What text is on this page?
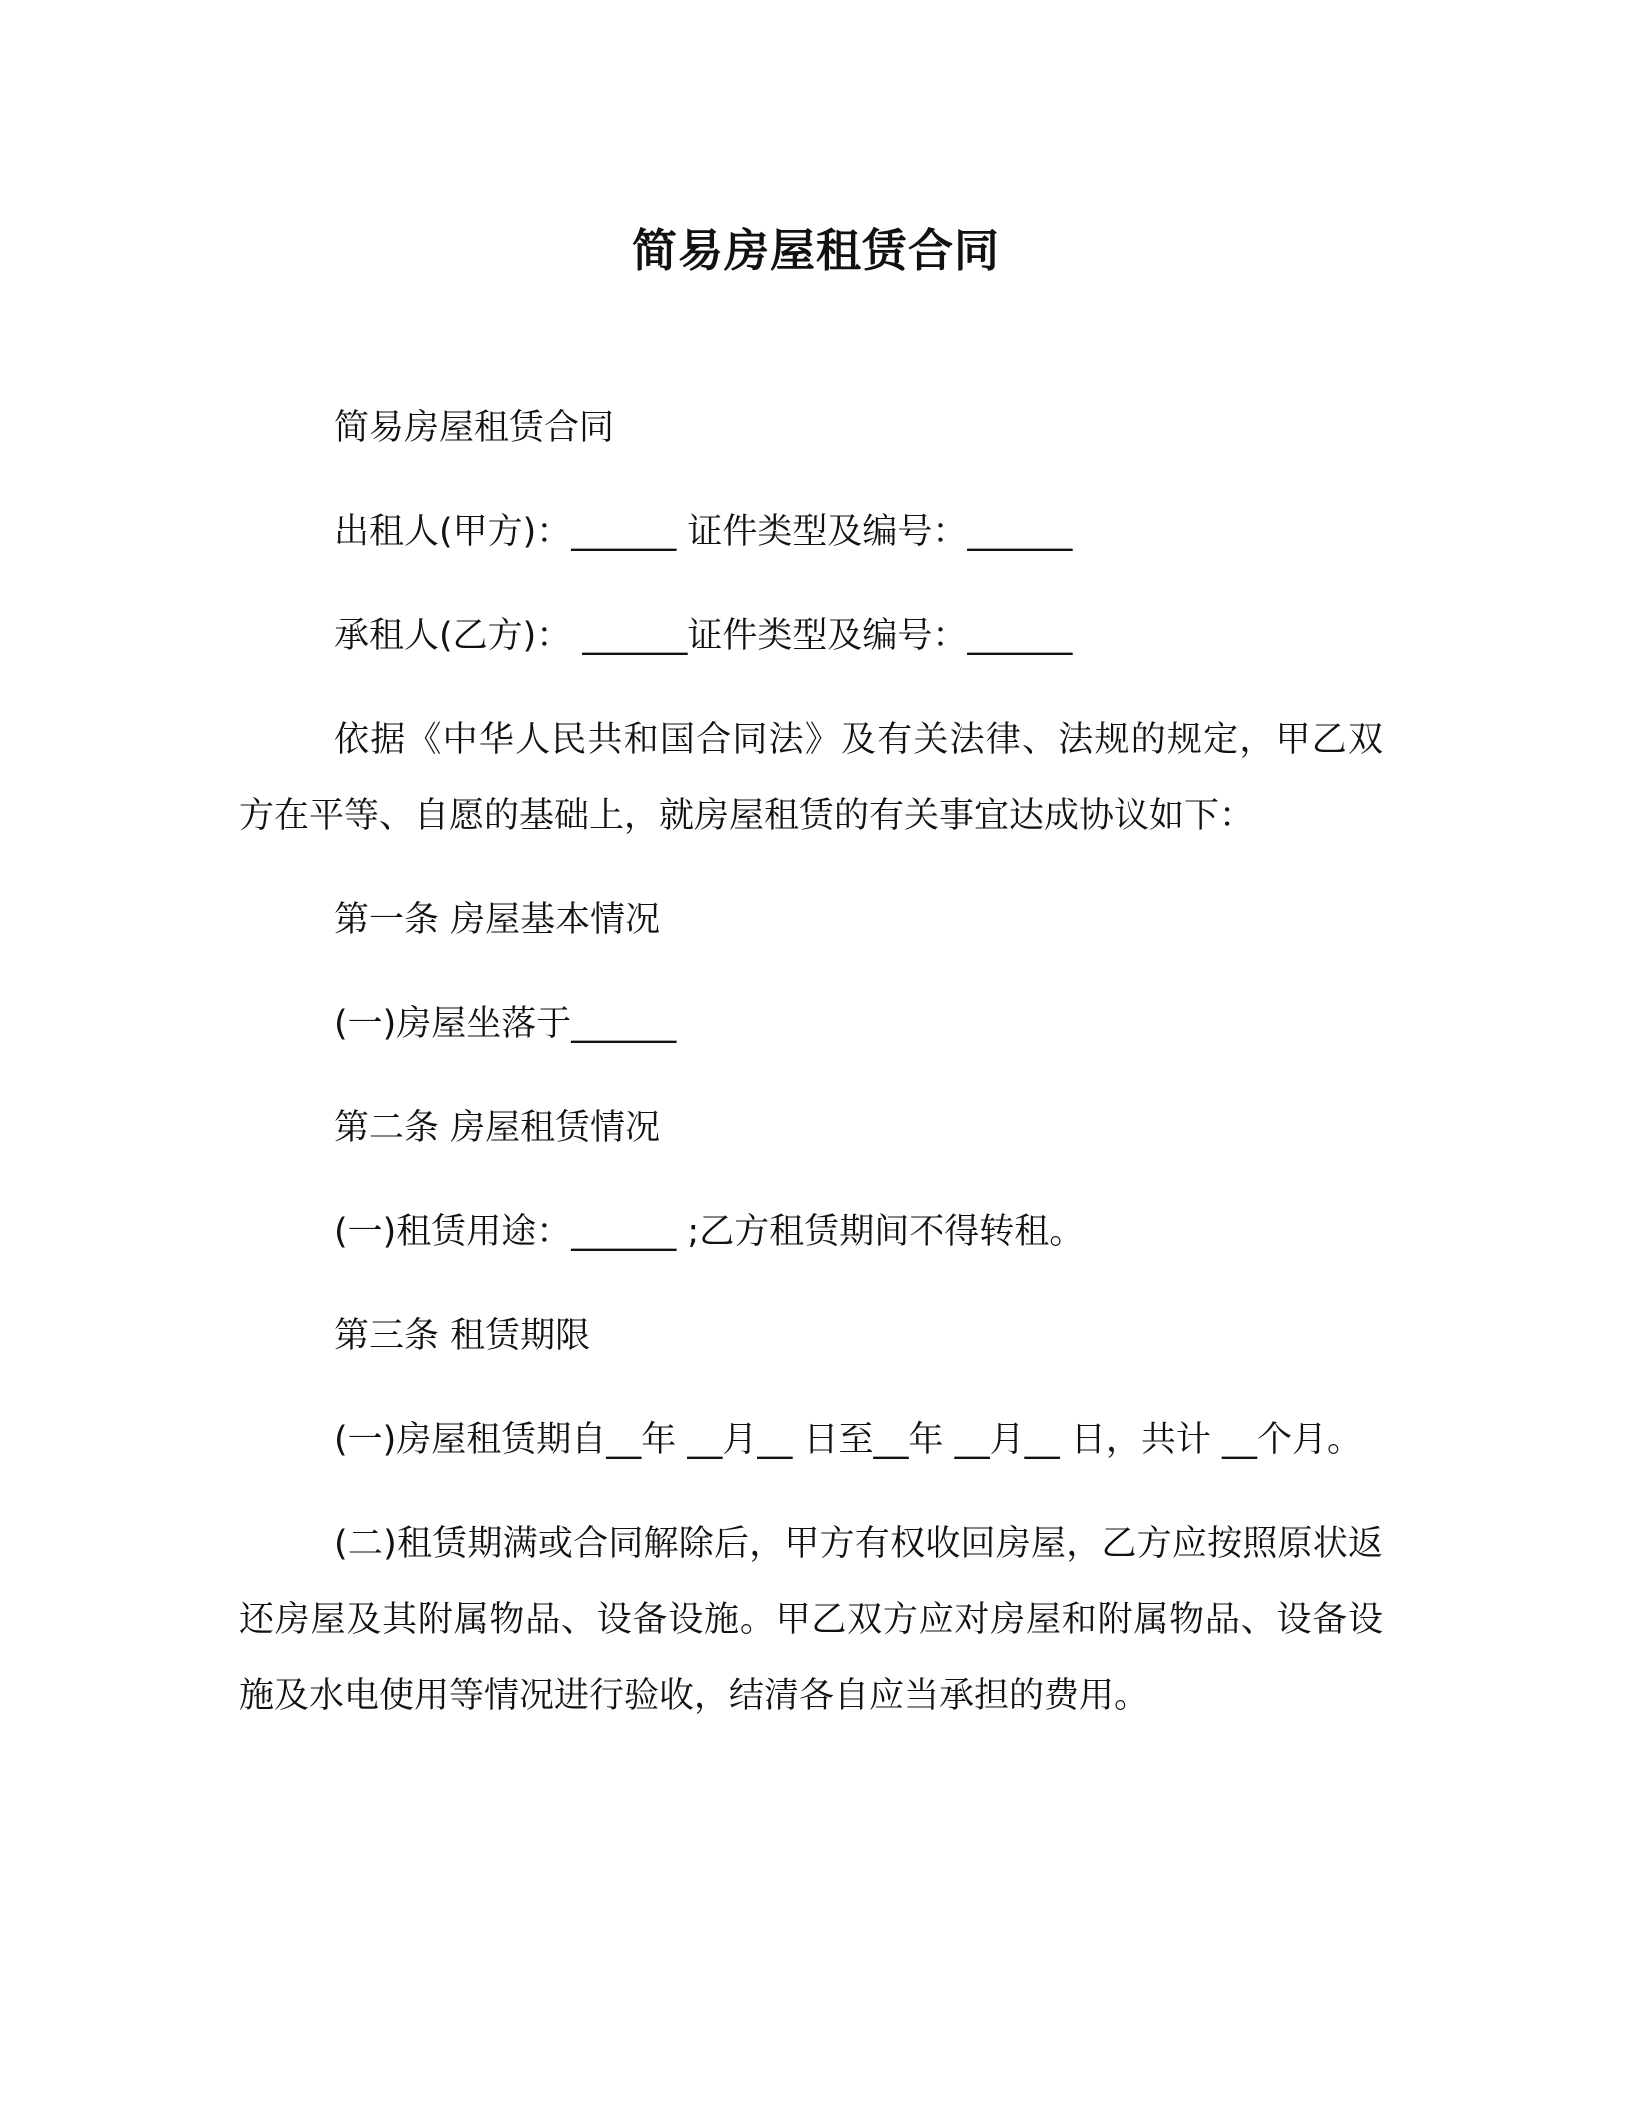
简易房屋租赁合同

简易房屋租赁合同

出租人(甲方)：______ 证件类型及编号：______

承租人(乙方)： ______证件类型及编号：______

依据《中华人民共和国合同法》及有关法律、法规的规定，甲乙双方在平等、自愿的基础上，就房屋租赁的有关事宜达成协议如下：

第一条 房屋基本情况

(一)房屋坐落于______

第二条 房屋租赁情况

(一)租赁用途：______ ;乙方租赁期间不得转租。

第三条 租赁期限

(一)房屋租赁期自__年 __月__ 日至__年 __月__ 日，共计 __个月。

(二)租赁期满或合同解除后，甲方有权收回房屋，乙方应按照原状返还房屋及其附属物品、设备设施。甲乙双方应对房屋和附属物品、设备设施及水电使用等情况进行验收，结清各自应当承担的费用。
